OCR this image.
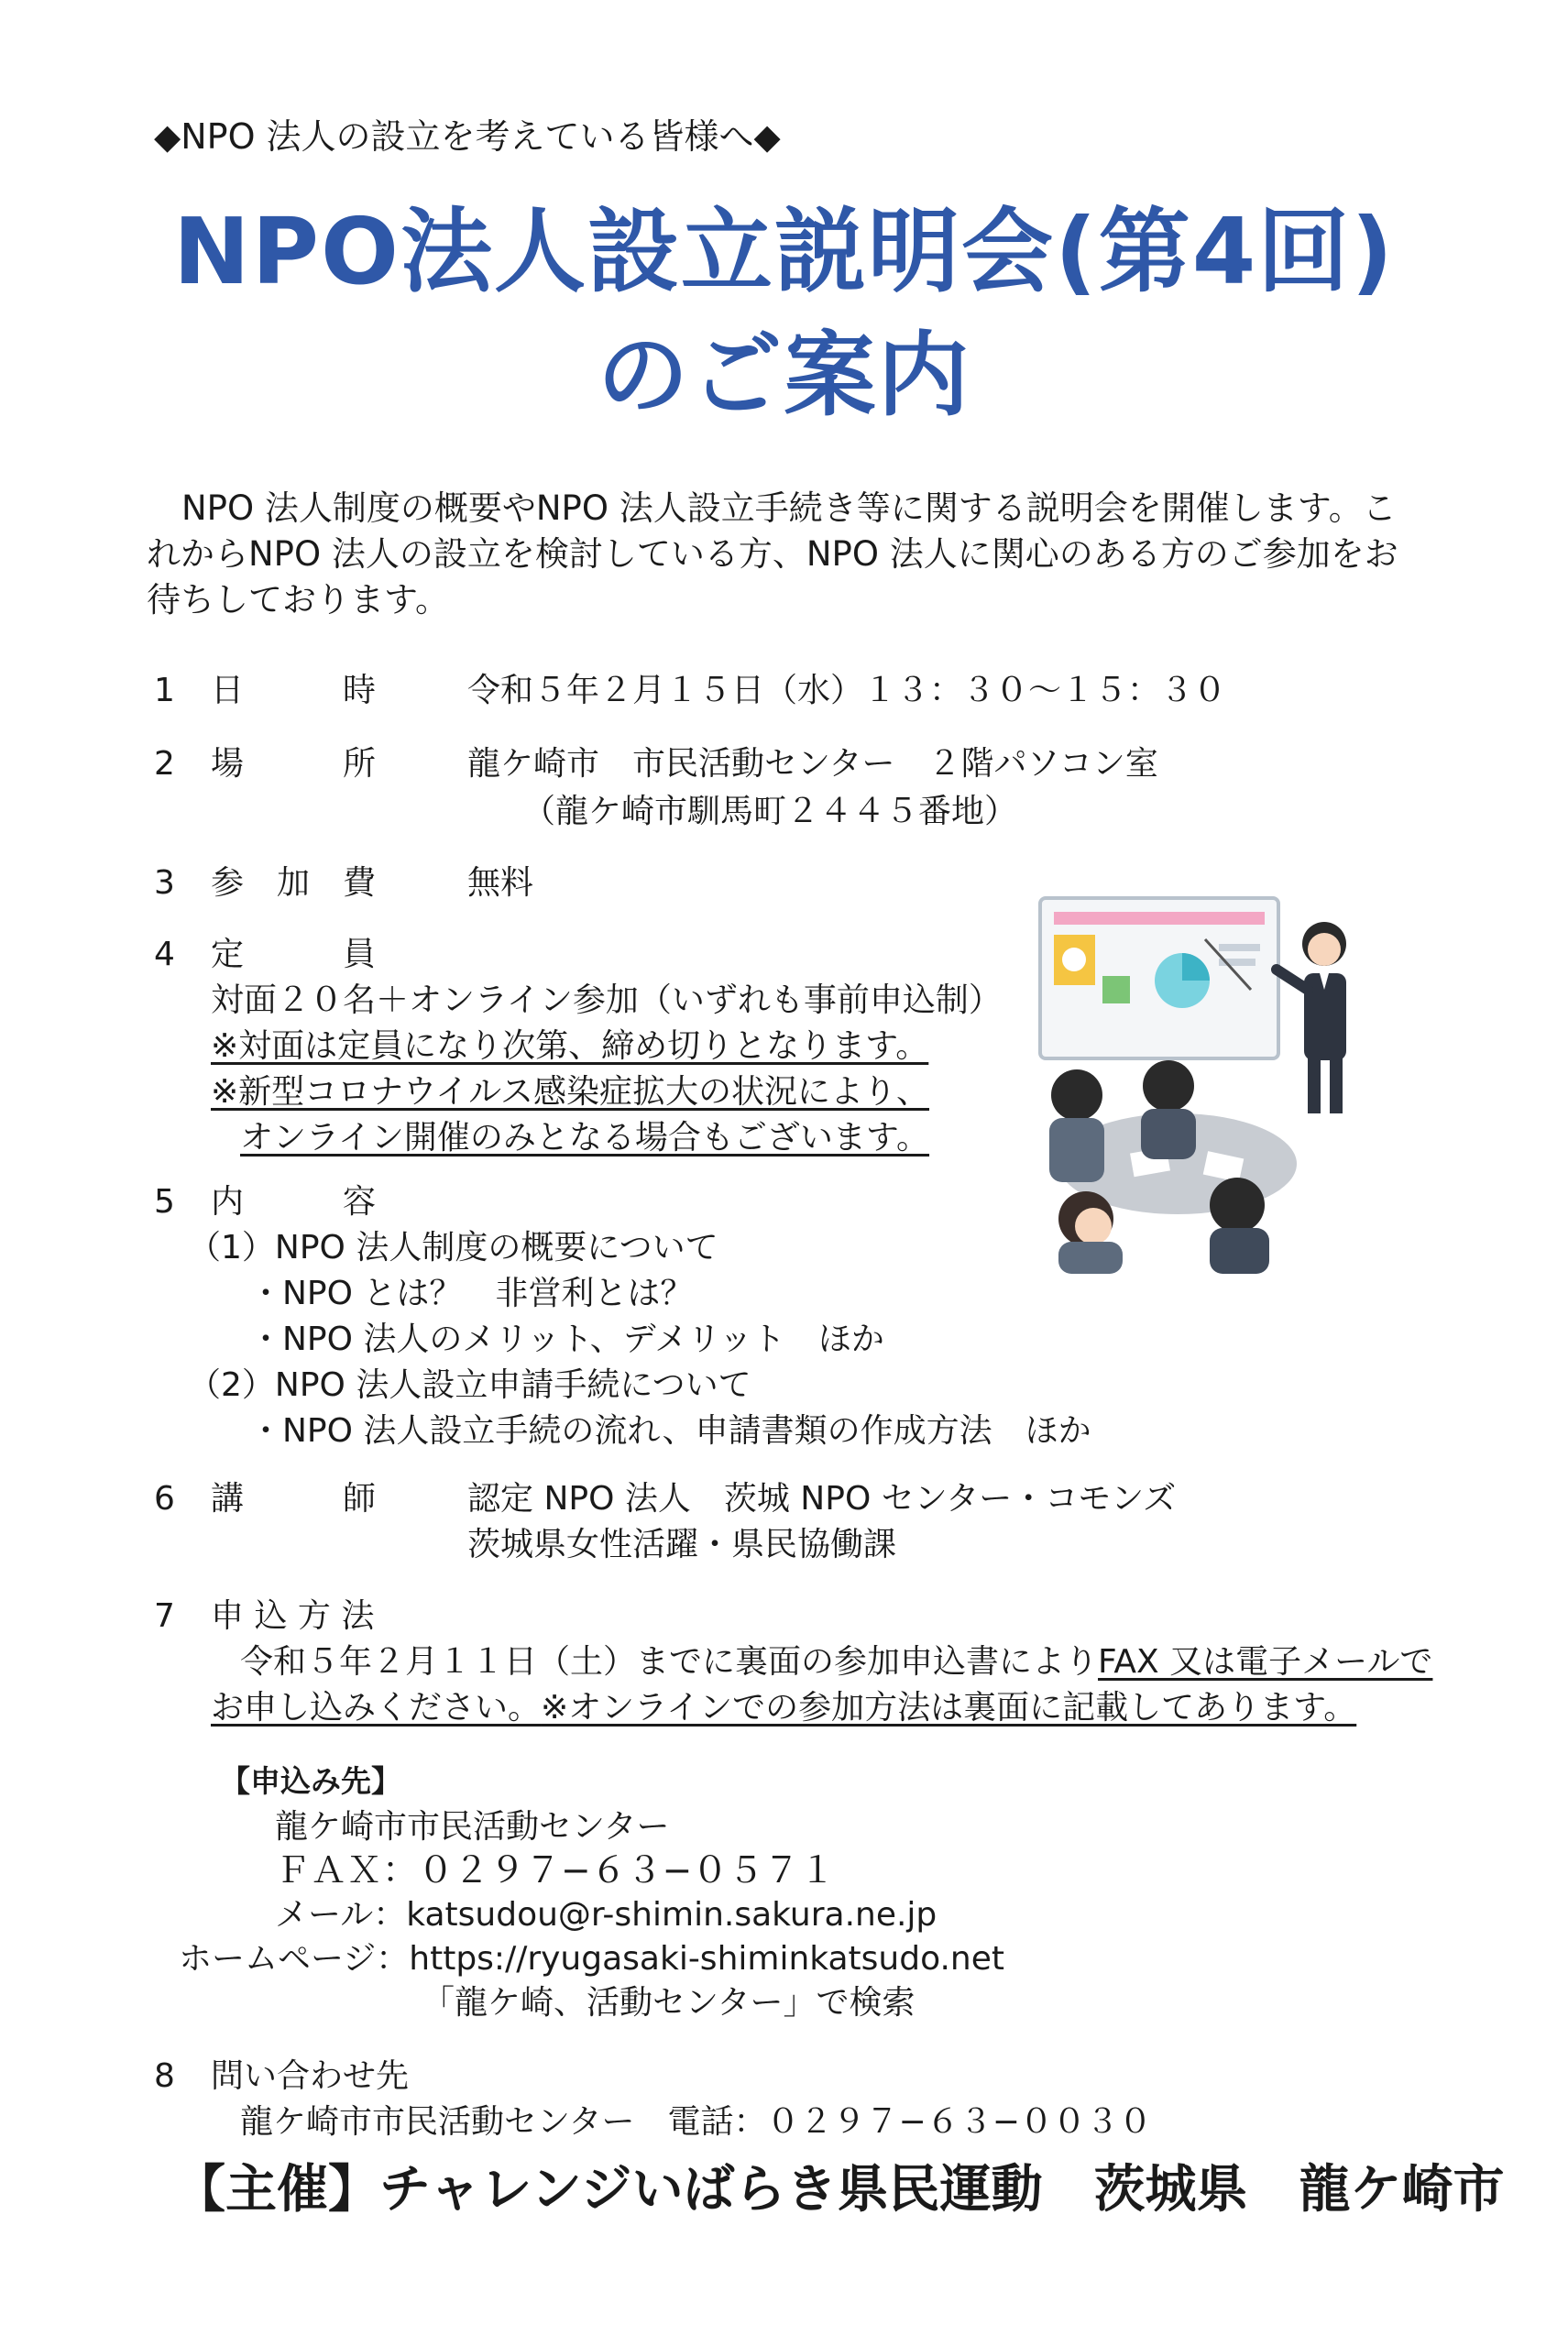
◆NPO 法人の設立を考えている皆様へ◆
NPO法人設立説明会(第4回)
のご案内
NPO 法人制度の概要やNPO 法人設立手続き等に関する説明会を開催します。これからNPO 法人の設立を検討している方、NPO 法人に関心のある方のご参加をお待ちしております。
1	日　　　時	令和５年２月１５日（水）１３：３０〜１５：３０
2	場　　　所	龍ケ崎市　市民活動センター　２階パソコン室
（龍ケ崎市馴馬町２４４５番地）
3	参　加　費	無料
4	定　　　員
対面２０名＋オンライン参加（いずれも事前申込制）
※対面は定員になり次第、締め切りとなります。
※新型コロナウイルス感染症拡大の状況により、
オンライン開催のみとなる場合もございます。
5	内　　　容
（1）NPO 法人制度の概要について
・NPO とは？　非営利とは？
・NPO 法人のメリット、デメリット　ほか
（2）NPO 法人設立申請手続について
・NPO 法人設立手続の流れ、申請書類の作成方法　ほか
6	講　　　師	認定 NPO 法人　茨城 NPO センター・コモンズ
茨城県女性活躍・県民協働課
7	申 込 方 法
令和５年２月１１日（土）までに裏面の参加申込書によりFAX 又は電子メールで
お申し込みください。※オンラインでの参加方法は裏面に記載してあります。
【申込み先】
龍ケ崎市市民活動センター
ＦＡＸ：０２９７−６３−０５７１
メール：katsudou@r-shimin.sakura.ne.jp
ホームページ：https://ryugasaki-shiminkatsudo.net
「龍ケ崎、活動センター」で検索
8	問い合わせ先
龍ケ崎市市民活動センター　電話：０２９７−６３−００３０
【主催】チャレンジいばらき県民運動　茨城県　龍ケ崎市
